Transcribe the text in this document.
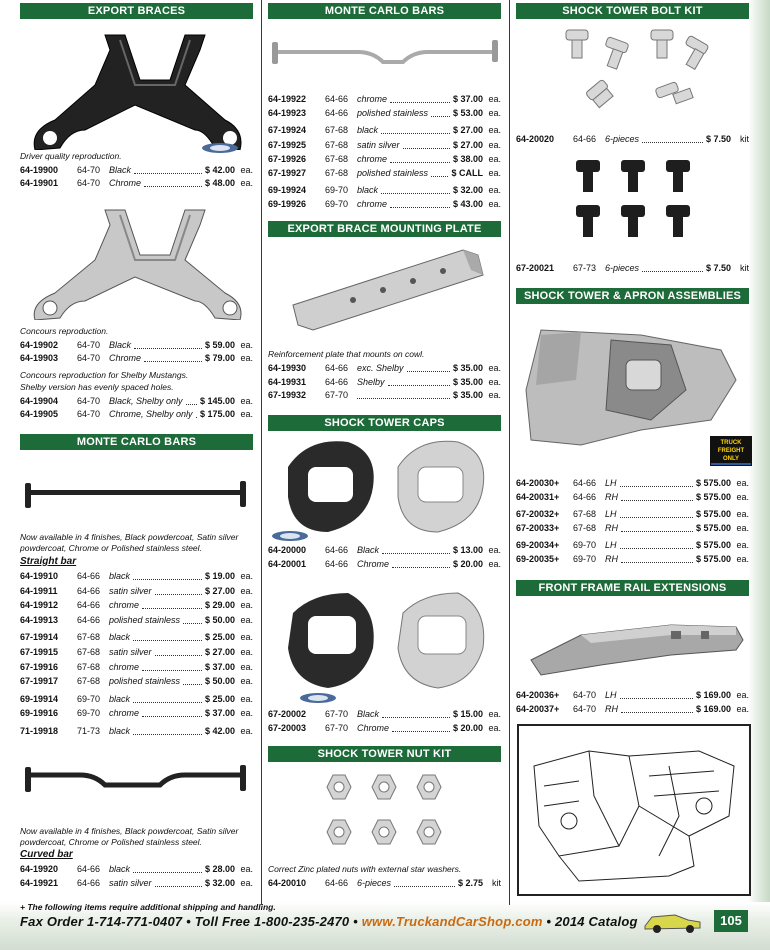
EXPORT BRACES
Driver quality reproduction.
64-19900 64-70 Black	$ 42.00 ea.
64-19901 64-70 Chrome	$ 48.00 ea.
Concours reproduction.
64-19902 64-70 Black	$ 59.00 ea.
64-19903 64-70 Chrome	$ 79.00 ea.
Concours reproduction for Shelby Mustangs.
Shelby version has evenly spaced holes.
64-19904 64-70 Black, Shelby only $ 145.00 ea.
64-19905 64-70 Chrome, Shelby only $ 175.00 ea.
MONTE CARLO BARS
Now available in 4 finishes, Black powdercoat, Satin silver powdercoat, Chrome or Polished stainless steel.
Straight bar
64-19910 64-66 black	$ 19.00 ea.
64-19911 64-66 satin silver	$ 27.00 ea.
64-19912 64-66 chrome	$ 29.00 ea.
64-19913 64-66 polished stainless	$ 50.00 ea.
67-19914 67-68 black	$ 25.00 ea.
67-19915 67-68 satin silver	$ 27.00 ea.
67-19916 67-68 chrome	$ 37.00 ea.
67-19917 67-68 polished stainless	$ 50.00 ea.
69-19914 69-70 black	$ 25.00 ea.
69-19916 69-70 chrome	$ 37.00 ea.
71-19918 71-73 black	$ 42.00 ea.
Now available in 4 finishes, Black powdercoat, Satin silver powdercoat, Chrome or Polished stainless steel.
Curved bar
64-19920 64-66 black	$ 28.00 ea.
64-19921 64-66 satin silver	$ 32.00 ea.
MONTE CARLO BARS
64-19922 64-66 chrome	$ 37.00 ea.
64-19923 64-66 polished stainless	$ 53.00 ea.
67-19924 67-68 black	$ 27.00 ea.
67-19925 67-68 satin silver	$ 27.00 ea.
67-19926 67-68 chrome	$ 38.00 ea.
67-19927 67-68 polished stainless	$ CALL ea.
69-19924 69-70 black	$ 32.00 ea.
69-19926 69-70 chrome	$ 43.00 ea.
EXPORT BRACE MOUNTING PLATE
Reinforcement plate that mounts on cowl.
64-19930 64-66 exc. Shelby	$ 35.00 ea.
64-19931 64-66 Shelby	$ 35.00 ea.
67-19932 67-70	$ 35.00 ea.
SHOCK TOWER CAPS
64-20000 64-66 Black	$ 13.00 ea.
64-20001 64-66 Chrome	$ 20.00 ea.
67-20002 67-70 Black	$ 15.00 ea.
67-20003 67-70 Chrome	$ 20.00 ea.
SHOCK TOWER NUT KIT
Correct Zinc plated nuts with external star washers.
64-20010 64-66 6-pieces	$ 2.75 kit
SHOCK TOWER BOLT KIT
64-20020 64-66 6-pieces	$ 7.50 kit
67-20021 67-73 6-pieces	$ 7.50 kit
SHOCK TOWER & APRON ASSEMBLIES
TRUCK FREIGHT ONLY
64-20030+ 64-66 LH	$ 575.00 ea.
64-20031+ 64-66 RH	$ 575.00 ea.
67-20032+ 67-68 LH	$ 575.00 ea.
67-20033+ 67-68 RH	$ 575.00 ea.
69-20034+ 69-70 LH	$ 575.00 ea.
69-20035+ 69-70 RH	$ 575.00 ea.
FRONT FRAME RAIL EXTENSIONS
64-20036+ 64-70 LH	$ 169.00 ea.
64-20037+ 64-70 RH	$ 169.00 ea.
+ The following items require additional shipping and handling.
Fax Order 1-714-771-0407 • Toll Free 1-800-235-2470 • www.TruckandCarShop.com • 2014 Catalog	105
